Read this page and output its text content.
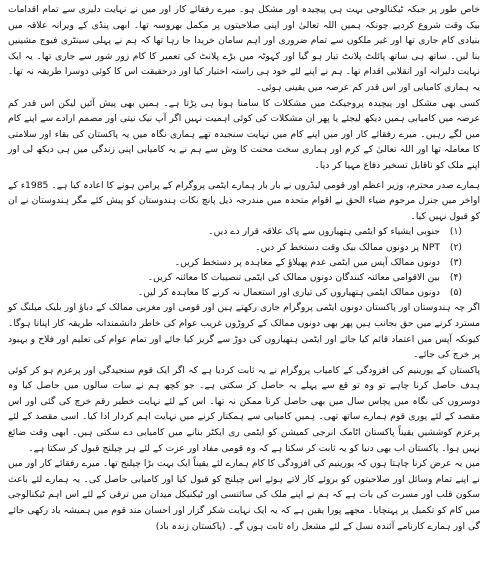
خاص طور پر جبکہ ٹیکنالوجی بہت ہی پیچیدہ اور مشکل ہو۔ میرے رفقائے کار اور میں نے نہایت دلیری سے تمام اقدامات بیک وقت شروع کردیے چونکہ ہمیں اللہ تعالیٰ اور اپنی صلاحیتوں پر مکمل بھروسہ تھا۔ ابھی پنڈی کے ویرانہ علاقہ میں بنیادی کام جاری تھا اور غیر ملکوں سے تمام ضروری اور اہم سامان خریدا جا رہا تھا کہ ہم نے پہلی سینٹری فیوج مشینیں بنا لیں۔ ساتھ ہی ساتھ پائلٹ پلانٹ تیار ہو گیا اور کہوٹہ میں بڑے پلانٹ کی تعمیر کا کام زور شور سے جاری تھا۔ یہ ایک نہایت دلیرانہ اور انقلابی اقدام تھا۔ ہم نے اپنے لئے خود ہی راستہ اختیار کیا اور درحقیقت اس کا کوئی دوسرا طریقہ نہ تھا۔ یہ ہماری کامیابی اور اس قدر کم عرصہ میں یقینی ہوئی۔

کسی بھی مشکل اور پیچیدہ پروجیکٹ میں مشکلات کا سامنا ہونا ہی پڑتا ہے۔ ہمیں بھی پیش آئیں لیکن اس قدر کم عرصہ میں کامیابی ہمیں دیکھ لیجئے یا پھر ان مشکلات کی کوئی اہمیت نہیں اگر آپ نیک نیتی اور مصمم ارادے سے اپنے کام میں لگے رہیں۔ میرے رفقائے کار اور میں اپنے کام میں نہایت سنجیدہ تھے ہماری نگاہ میں یہ پاکستان کی بقاء اور سلامتی کا معاملہ تھا اور اللہ تعالیٰ کے کرم اور ہماری سخت محنت کا وش سے ہم نے یہ کامیابی اپنی زندگی میں ہی دیکھ لی اور اپنے ملک کو ناقابل تسخیر دفاع مہیا کر دیا۔

ہمارے صدر محترم، وزیر اعظم اور قومی لیڈروں نے بار بار ہمارے ایٹمی پروگرام کے پرامن ہونے کا اعادہ کیا ہے۔ 1985ء کے اواخر میں جنرل مرحوم ضیاء الحق نے اقوام متحدہ میں مندرجہ ذیل پانچ نکات ہندوستان کو پیش کئے مگر ہندوستان نے ان کو قبول نہیں کیا۔

(۱)جنوبی ایشیاء کو ایٹمی ہتھیاروں سے پاک علاقہ قرار دے دیں۔
(۲)NPT پر دونوں ممالک بیک وقت دستخط کر دیں۔
(۳)دونوں ممالک آپس میں ایٹمی عدم پھیلاؤ کے معاہدہ پر دستخط کریں۔
(۴)بین الاقوامی معائنہ کنندگان دونوں ممالک کی ایٹمی تنصیبات کا معائنہ کریں۔
(۵)دونوں ممالک ایٹمی ہتھیاروں کی تیاری اور استعمال نہ کرنے کا معاہدہ کر لیں۔

اگر چہ ہندوستان اور پاکستان دونوں ایٹمی پروگرام جاری رکھتے ہیں اور قومی اور مغربی ممالک کے دباؤ اور بلیک میلنگ کو مسترد کرنے میں حق بجانب ہیں پھر بھی دونوں ممالک کے کروڑوں غریب عوام کی خاطر دانشمندانہ طریقہ کار اپنانا ہوگا۔ کیونکہ آپس میں اعتماد قائم کیا جائے اور ایٹمی ہتھیاروں کی دوڑ سے گریز کیا جائے اور تمام عوام کی تعلیم اور فلاح و بہبود پر خرچ کی جائے۔

پاکستان کے یورینیم کی افزودگی کے کامیاب پروگرام نے یہ ثابت کردیا ہے کہ اگر ایک قوم سنجیدگی اور پرعزم ہو کر کوئی ہدف حاصل کرنا چاہے تو وہ تو قع سے پہلے یہ حاصل کر سکتی ہے۔ جو کچھ ہم نے سات سالوں میں حاصل کیا وہ دوسروں کی نگاہ میں پچاس سال میں بھی حاصل کرنا ممکن نہ تھا۔ اس کے لئے نہایت خطیر رقم خرچ کی گئی اور اس مقصد کے لئے پوری قوم ہمارے ساتھ تھی۔ ہمیں کامیابی سے ہمکنار کرنے میں نہایت اہم کردار ادا کیا۔ اسی مقصد کے لئے پرعزم کوششیں یقیناً پاکستان اٹامک انرجی کمیشن کو ایٹمی ری ایکٹر بنانے میں کامیابی دے سکتی ہیں۔ ابھی وقت ضائع نہیں ہوا۔ پاکستان اب بھی دنیا کو یہ ثابت کر سکتا ہے کہ وہ قومی مفاد اور عزت کے لئے ہر چیلنج قبول کر سکتا ہے۔

میں یہ عرض کرنا چاہتا ہوں کہ یورینیم کی افزودگی کا کام ہمارے لئے یقیناً ایک بہت بڑا چیلنج تھا۔ میرے رفقائے کار اور میں نے اپنے تمام وسائل اور صلاحیتوں کو بروئے کار لاتے ہوئے اس چیلنج کو قبول کیا اور کامیابی حاصل کی۔ یہ ہمارے لئے باعث سکون قلب اور مسرت کی بات ہے کہ ہم نے اپنے ملک کی سائنسی اور ٹیکنیکل میدان میں ترقی کے لئے اس اہم ٹیکنالوجی میں کام کو تکمیل پر پہنچایا۔ مجھے پورا یقین ہے کہ یہ ایک نہایت شکر گزار اور احسان مند قوم میں ہمیشہ یاد رکھی جائے گی اور ہمارے کارنامے آئندہ نسل کے لئے مشعل راہ ثابت ہوں گے۔ (پاکستان زندہ باد)
